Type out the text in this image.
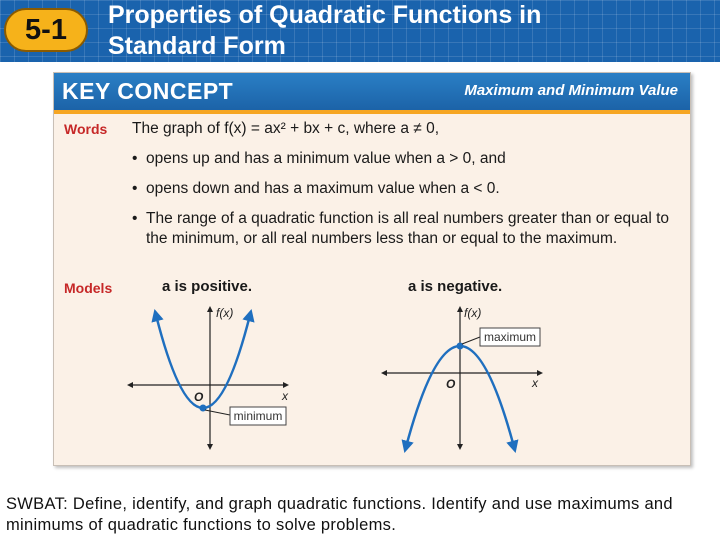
5-1	Properties of Quadratic Functions in
Standard Form
KEY CONCEPT	Maximum and Minimum Value
Words The graph of f(x) = ax² + bx + c, where a ≠ 0,
• opens up and has a minimum value when a > 0, and
• opens down and has a maximum value when a < 0.
• The range of a quadratic function is all real numbers greater than or equal to the minimum, or all real numbers less than or equal to the maximum.
Models	a is positive.	a is negative.
minimum
f(x)
x
O
maximum
f(x)
x
O
SWBAT: Define, identify, and graph quadratic functions. Identify and use maximums and minimums of quadratic functions to solve problems.
